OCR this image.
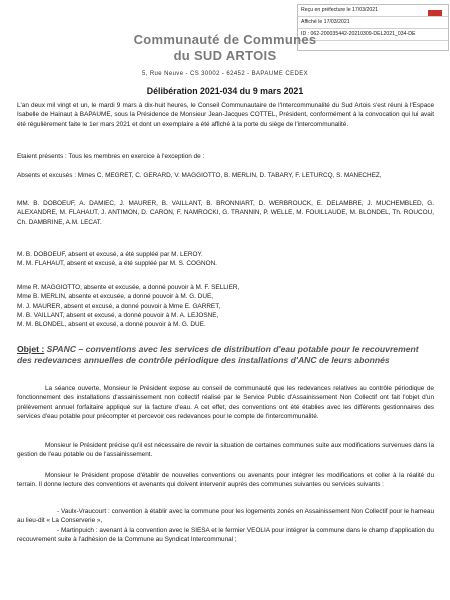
Reçu en préfecture le 17/03/2021
Affiché le 17/03/2021
ID : 062-200035442-20210309-DEL2021_034-DE
Communauté de Communes
du SUD ARTOIS
5, Rue Neuve - CS 30002 - 62452 - BAPAUME CEDEX
Délibération 2021-034 du 9 mars 2021

L'an deux mil vingt et un, le mardi 9 mars à dix-huit heures, le Conseil Communautaire de l'Intercommunalité du Sud Artois s'est réuni à l'Espace Isabelle de Hainaut à BAPAUME, sous la Présidence de Monsieur Jean-Jacques COTTEL, Président, conformément à la convocation qui lui avait été régulièrement faite le 1er mars 2021 et dont un exemplaire a été affiché à la porte du siège de l'intercommunalité.

Etaient présents : Tous les membres en exercice à l'exception de :

Absents et excusés : Mmes C. MEGRET, C. GERARD, V. MAGGIOTTO, B. MERLIN, D. TABARY, F. LETURCQ, S. MANECHEZ,

MM. B. DOBOEUF, A. DAMIEC, J. MAURER, B. VAILLANT, B. BRONNIART, D. WERBROUCK, E. DELAMBRE, J. MUCHEMBLED, G. ALEXANDRE, M. FLAHAUT, J. ANTIMON, D. CARON, F. NAMROCKI, G. TRANNIN, P. WELLE, M. FOUILLAUDE, M. BLONDEL, Th. ROUCOU, Ch. DAMBRINE, A.M. LECAT.

M. B. DOBOEUF, absent et excusé, a été suppléé par M. LEROY.
M. M. FLAHAUT, absent et excusé, a été suppléé par M. S. COGNON.

Mme R. MAGGIOTTO, absente et excusée, a donné pouvoir à M. F. SELLIER,
Mme B. MERLIN, absente et excusée, a donné pouvoir à M. G. DUE,
M. J. MAURER, absent et excusé, a donné pouvoir à Mme E. GARRET,
M. B. VAILLANT, absent et excusé, a donné pouvoir à M. A. LEJOSNE,
M. M. BLONDEL, absent et excusé, a donné pouvoir à M. G. DUE.

Objet : SPANC – conventions avec les services de distribution d'eau potable pour le recouvrement des redevances annuelles de contrôle périodique des installations d'ANC de leurs abonnés

La séance ouverte, Monsieur le Président expose au conseil de communauté que les redevances relatives au contrôle périodique de fonctionnement des installations d'assainissement non collectif réalisé par le Service Public d'Assainissement Non Collectif ont fait l'objet d'un prélèvement annuel forfaitaire appliqué sur la facture d'eau. A cet effet, des conventions ont été établies avec les différents gestionnaires des services d'eau potable pour précompter et percevoir ces redevances pour le compte de l'intercommunalité.

Monsieur le Président précise qu'il est nécessaire de revoir la situation de certaines communes suite aux modifications survenues dans la gestion de l'eau potable ou de l'assainissement.

Monsieur le Président propose d'établir de nouvelles conventions ou avenants pour intégrer les modifications et coller à la réalité du terrain. Il donne lecture des conventions et avenants qui doivent intervenir auprès des communes suivantes ou services suivants :

- Vaulx-Vraucourt : convention à établir avec la commune pour les logements zonés en Assainissement Non Collectif pour le hameau au lieu-dit « La Conserverie »,

- Martinpuich : avenant à la convention avec le SIESA et le fermier VEOLIA pour intégrer la commune dans le champ d'application du recouvrement suite à l'adhésion de la Commune au Syndicat Intercommunal ;
